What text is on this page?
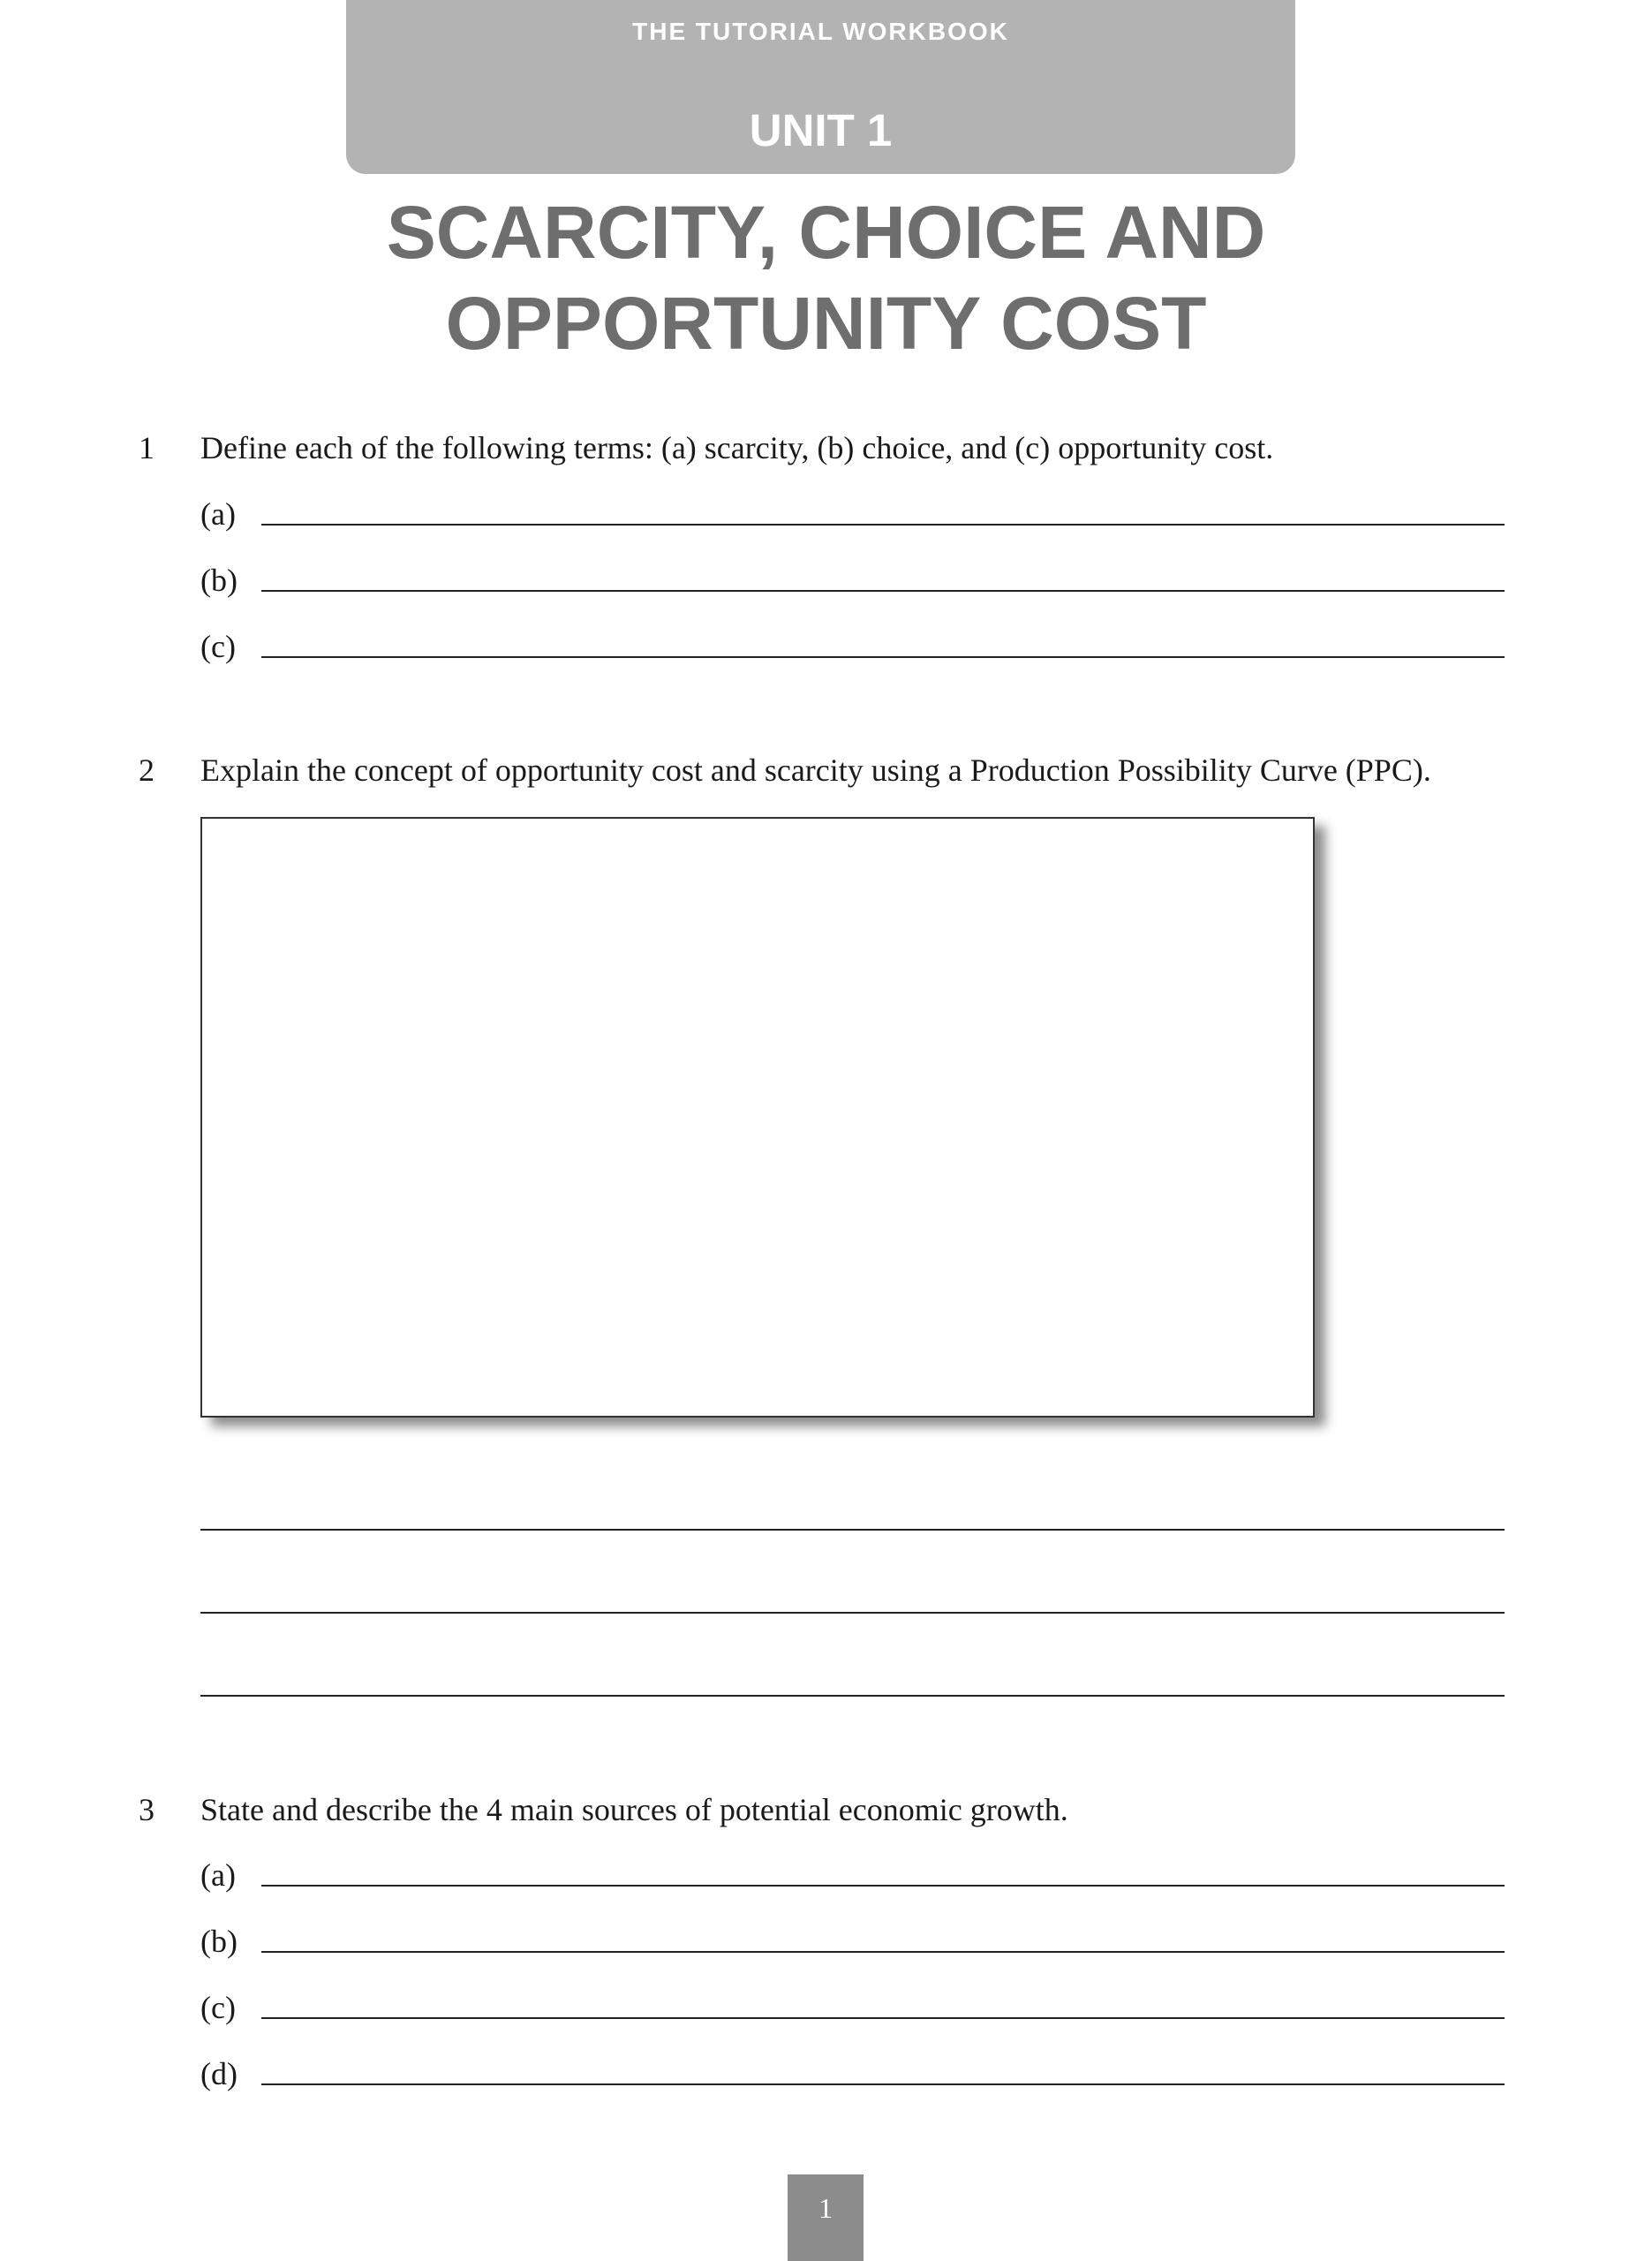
THE TUTORIAL WORKBOOK
UNIT 1
SCARCITY, CHOICE AND
OPPORTUNITY COST
1 Define each of the following terms: (a) scarcity, (b) choice, and (c) opportunity cost.
(a)
(b)
(c)
2 Explain the concept of opportunity cost and scarcity using a Production Possibility Curve (PPC).
3 State and describe the 4 main sources of potential economic growth.
(a)
(b)
(c)
(d)
1
